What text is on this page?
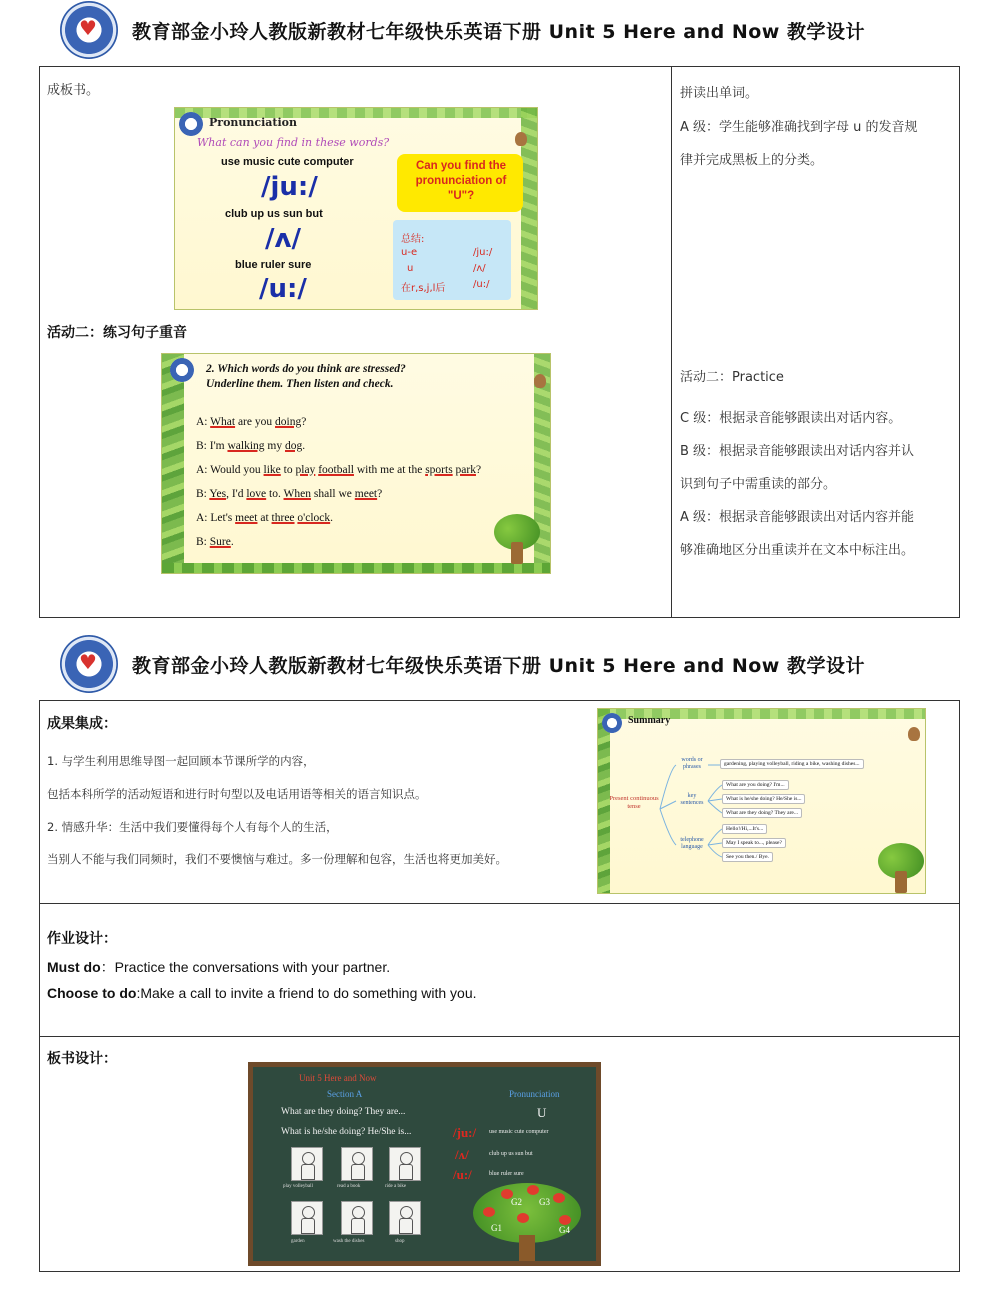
♥ 教育部金小玲人教版新教材七年级快乐英语下册 Unit 5 Here and Now 教学设计
成板书。
Pronunciation
What can you find in these words?
use music cute computer
/ju:/
club up us sun but
/ʌ/
blue ruler sure
/u:/
Can you find the pronunciation of "U"?
总结:
u-e	/ju:/
u	/ʌ/
在r,s,j,l后	/u:/
活动二：练习句子重音
2. Which words do you think are stressed?
Underline them. Then listen and check.
A: What are you doing?
B: I'm walking my dog.
A: Would you like to play football with me at the sports park?
B: Yes, I'd love to. When shall we meet?
A: Let's meet at three o'clock.
B: Sure.
拼读出单词。
A 级：学生能够准确找到字母 u 的发音规
律并完成黑板上的分类。
活动二：Practice
C 级：根据录音能够跟读出对话内容。
B 级：根据录音能够跟读出对话内容并认
识到句子中需重读的部分。
A 级：根据录音能够跟读出对话内容并能
够准确地区分出重读并在文本中标注出。
♥ 教育部金小玲人教版新教材七年级快乐英语下册 Unit 5 Here and Now 教学设计
成果集成：
1. 与学生利用思维导图一起回顾本节课所学的内容，
包括本科所学的活动短语和进行时句型以及电话用语等相关的语言知识点。
2. 情感升华：生活中我们要懂得每个人有每个人的生活，
当别人不能与我们同频时，我们不要懊恼与难过。多一份理解和包容，生活也将更加美好。
Summary
Present continuous tense
words or phrases
key sentences
telephone language
gardening, playing volleyball, riding a bike, washing dishes...
What are you doing? I'm...
What is he/she doing? He/She is...
What are they doing? They are...
Hello!/Hi,...It's...
May I speak to..., please?
See you then./ Bye.
作业设计：
Must do：Practice the conversations with your partner.
Choose to do:Make a call to invite a friend to do something with you.
板书设计：
Unit 5 Here and Now
Section A
What are they doing? They are...
What is he/she doing? He/She is...
play volleyball	read a book	ride a bike
garden	wash the dishes	shop
Pronunciation
U
/ju:/ use music cute computer
/ʌ/	club up us sun but
/u:/	blue ruler sure
G2 G3
G1	G4
